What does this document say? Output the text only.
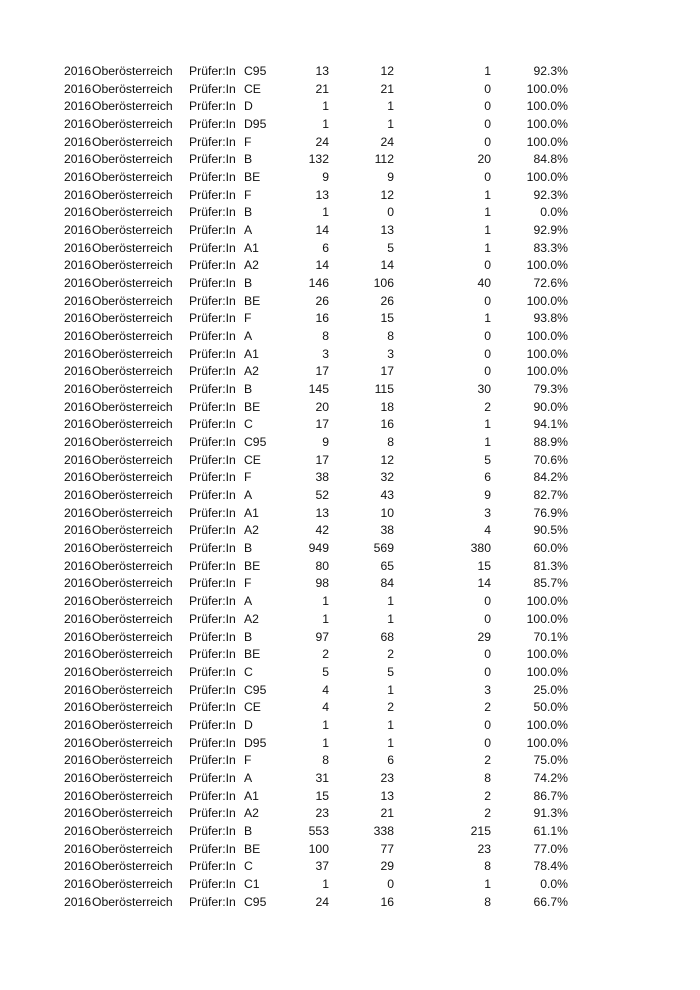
2016 Oberösterreich Prüfer:In C95	13	12	1	92.3%
2016 Oberösterreich Prüfer:In CE	21	21	0	100.0%
2016 Oberösterreich Prüfer:In D	1	1	0	100.0%
2016 Oberösterreich Prüfer:In D95	1	1	0	100.0%
2016 Oberösterreich Prüfer:In F	24	24	0	100.0%
2016 Oberösterreich Prüfer:In B	132	112	20	84.8%
2016 Oberösterreich Prüfer:In BE	9	9	0	100.0%
2016 Oberösterreich Prüfer:In F	13	12	1	92.3%
2016 Oberösterreich Prüfer:In B	1	0	1	0.0%
2016 Oberösterreich Prüfer:In A	14	13	1	92.9%
2016 Oberösterreich Prüfer:In A1	6	5	1	83.3%
2016 Oberösterreich Prüfer:In A2	14	14	0	100.0%
2016 Oberösterreich Prüfer:In B	146	106	40	72.6%
2016 Oberösterreich Prüfer:In BE	26	26	0	100.0%
2016 Oberösterreich Prüfer:In F	16	15	1	93.8%
2016 Oberösterreich Prüfer:In A	8	8	0	100.0%
2016 Oberösterreich Prüfer:In A1	3	3	0	100.0%
2016 Oberösterreich Prüfer:In A2	17	17	0	100.0%
2016 Oberösterreich Prüfer:In B	145	115	30	79.3%
2016 Oberösterreich Prüfer:In BE	20	18	2	90.0%
2016 Oberösterreich Prüfer:In C	17	16	1	94.1%
2016 Oberösterreich Prüfer:In C95	9	8	1	88.9%
2016 Oberösterreich Prüfer:In CE	17	12	5	70.6%
2016 Oberösterreich Prüfer:In F	38	32	6	84.2%
2016 Oberösterreich Prüfer:In A	52	43	9	82.7%
2016 Oberösterreich Prüfer:In A1	13	10	3	76.9%
2016 Oberösterreich Prüfer:In A2	42	38	4	90.5%
2016 Oberösterreich Prüfer:In B	949	569	380	60.0%
2016 Oberösterreich Prüfer:In BE	80	65	15	81.3%
2016 Oberösterreich Prüfer:In F	98	84	14	85.7%
2016 Oberösterreich Prüfer:In A	1	1	0	100.0%
2016 Oberösterreich Prüfer:In A2	1	1	0	100.0%
2016 Oberösterreich Prüfer:In B	97	68	29	70.1%
2016 Oberösterreich Prüfer:In BE	2	2	0	100.0%
2016 Oberösterreich Prüfer:In C	5	5	0	100.0%
2016 Oberösterreich Prüfer:In C95	4	1	3	25.0%
2016 Oberösterreich Prüfer:In CE	4	2	2	50.0%
2016 Oberösterreich Prüfer:In D	1	1	0	100.0%
2016 Oberösterreich Prüfer:In D95	1	1	0	100.0%
2016 Oberösterreich Prüfer:In F	8	6	2	75.0%
2016 Oberösterreich Prüfer:In A	31	23	8	74.2%
2016 Oberösterreich Prüfer:In A1	15	13	2	86.7%
2016 Oberösterreich Prüfer:In A2	23	21	2	91.3%
2016 Oberösterreich Prüfer:In B	553	338	215	61.1%
2016 Oberösterreich Prüfer:In BE	100	77	23	77.0%
2016 Oberösterreich Prüfer:In C	37	29	8	78.4%
2016 Oberösterreich Prüfer:In C1	1	0	1	0.0%
2016 Oberösterreich Prüfer:In C95	24	16	8	66.7%
